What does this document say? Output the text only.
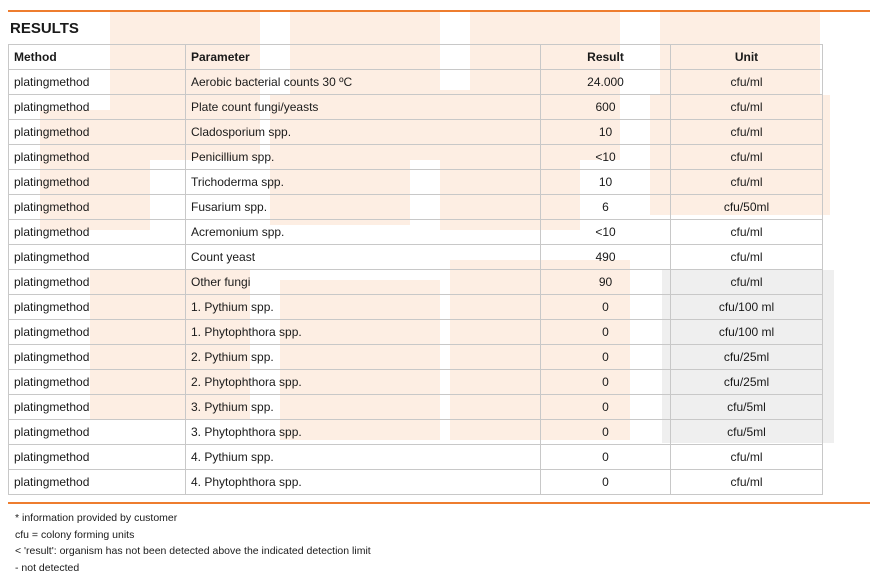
RESULTS
Method	Parameter	Result	Unit
platingmethod	Aerobic bacterial counts 30 ºC	24.000	cfu/ml
platingmethod	Plate count fungi/yeasts	600	cfu/ml
platingmethod	Cladosporium spp.	10	cfu/ml
platingmethod	Penicillium spp.	<10	cfu/ml
platingmethod	Trichoderma spp.	10	cfu/ml
platingmethod	Fusarium spp.	6	cfu/50ml
platingmethod	Acremonium spp.	<10	cfu/ml
platingmethod	Count yeast	490	cfu/ml
platingmethod	Other fungi	90	cfu/ml
platingmethod	1. Pythium spp.	0	cfu/100 ml
platingmethod	1. Phytophthora spp.	0	cfu/100 ml
platingmethod	2. Pythium spp.	0	cfu/25ml
platingmethod	2. Phytophthora spp.	0	cfu/25ml
platingmethod	3. Pythium spp.	0	cfu/5ml
platingmethod	3. Phytophthora spp.	0	cfu/5ml
platingmethod	4. Pythium spp.	0	cfu/ml
platingmethod	4. Phytophthora spp.	0	cfu/ml
* information provided by customer
cfu = colony forming units
< 'result': organism has not been detected above the indicated detection limit
- not detected
